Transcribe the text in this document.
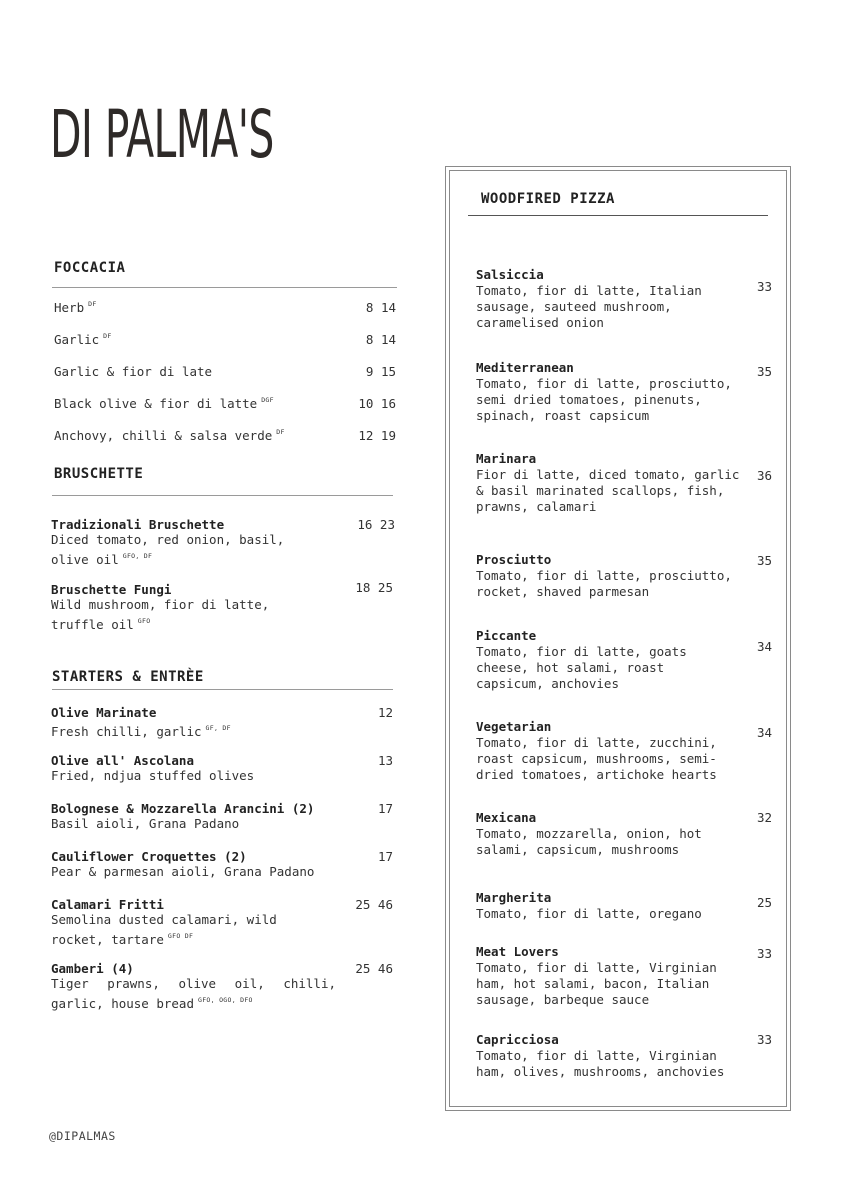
DI PALMA'S
FOCCACIA
Herb $^{DF}$	8 14
Garlic $^{DF}$	8 14
Garlic & fior di late	9 15
Black olive & fior di latte $^{DGF}$	10 16
Anchovy, chilli & salsa verde $^{DF}$	12 19
BRUSCHETTE
Tradizionali Bruschette
Diced tomato, red onion, basil, olive oil $^{GFO, DF}$
16 23
Bruschette Fungi
Wild mushroom, fior di latte, truffle oil $^{GFO}$
18 25
STARTERS & ENTRÈE
Olive Marinate
Fresh chilli, garlic $^{GF, DF}$
12
Olive all' Ascolana
Fried, ndjua stuffed olives
13
Bolognese & Mozzarella Arancini (2)
Basil aioli, Grana Padano
17
Cauliflower Croquettes (2)
Pear & parmesan aioli, Grana Padano
17
Calamari Fritti
Semolina dusted calamari, wild rocket, tartare $^{GFO DF}$
25 46
Gamberi (4)
Tiger prawns, olive oil, chilli, garlic, house bread $^{GFO, OGO, DFO}$
25 46
WOODFIRED PIZZA
Salsiccia
Tomato, fior di latte, Italian sausage, sauteed mushroom, caramelised onion
33
Mediterranean
Tomato, fior di latte, prosciutto, semi dried tomatoes, pinenuts, spinach, roast capsicum
35
Marinara
Fior di latte, diced tomato, garlic & basil marinated scallops, fish, prawns, calamari
36
Prosciutto
Tomato, fior di latte, prosciutto, rocket, shaved parmesan
35
Piccante
Tomato, fior di latte, goats cheese, hot salami, roast capsicum, anchovies
34
Vegetarian
Tomato, fior di latte, zucchini, roast capsicum, mushrooms, semi-dried tomatoes, artichoke hearts
34
Mexicana
Tomato, mozzarella, onion, hot salami, capsicum, mushrooms
32
Margherita
Tomato, fior di latte, oregano
25
Meat Lovers
Tomato, fior di latte, Virginian ham, hot salami, bacon, Italian sausage, barbeque sauce
33
Capricciosa
Tomato, fior di latte, Virginian ham, olives, mushrooms, anchovies
33
@DIPALMAS
